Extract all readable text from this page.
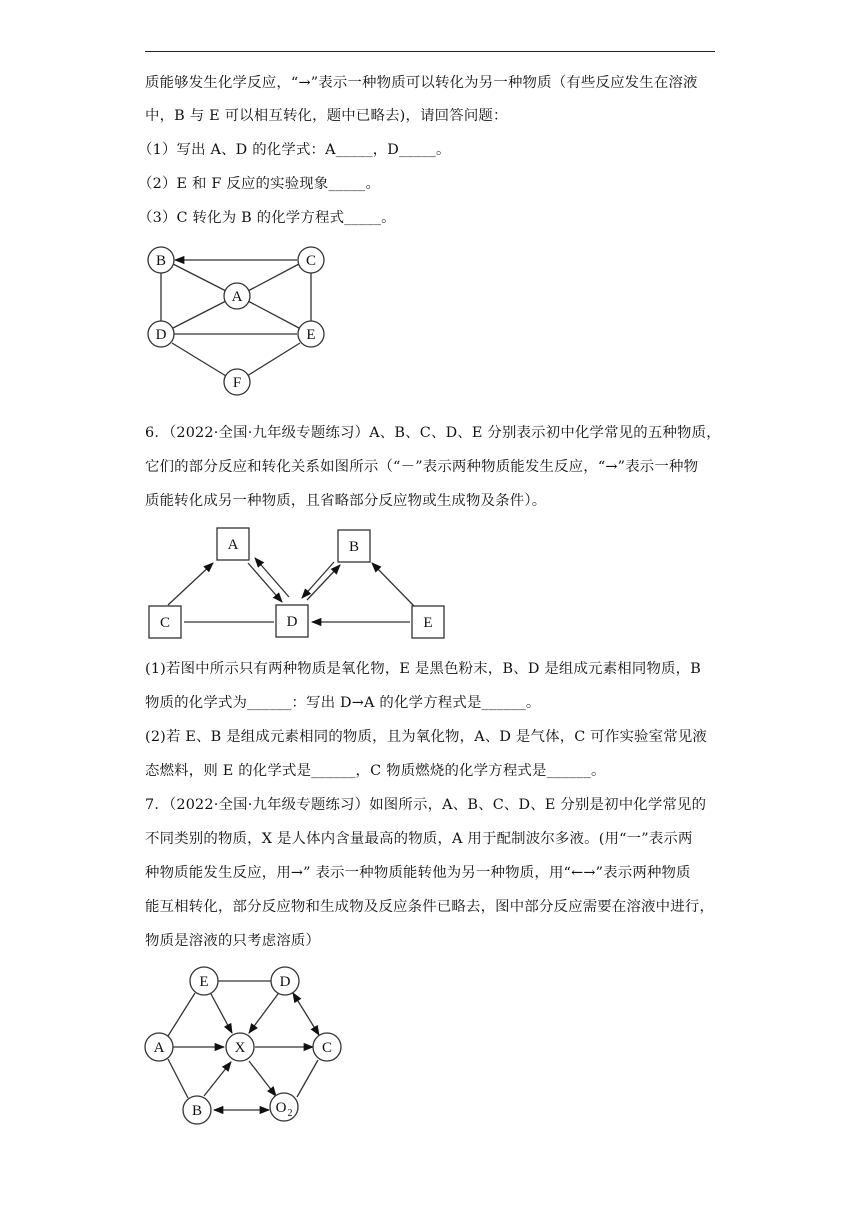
质能够发生化学反应，“→”表示一种物质可以转化为另一种物质（有些反应发生在溶液
中，B 与 E 可以相互转化，题中已略去)，请回答问题：
（1）写出 A、D 的化学式：A_____，D_____。
（2）E 和 F 反应的实验现象_____。
（3）C 转化为 B 的化学方程式_____。
B	C
A
D	E
F
6．（2022·全国·九年级专题练习）A、B、C、D、E 分别表示初中化学常见的五种物质，
它们的部分反应和转化关系如图所示（“－”表示两种物质能发生反应，“→”表示一种物
质能转化成另一种物质，且省略部分反应物或生成物及条件）。
A	B
C	D	E
(1)若图中所示只有两种物质是氧化物，E 是黑色粉末，B、D 是组成元素相同物质，B
物质的化学式为______：写出 D→A 的化学方程式是______。
(2)若 E、B 是组成元素相同的物质，且为氧化物，A、D 是气体，C 可作实验室常见液
态燃料，则 E 的化学式是______，C 物质燃烧的化学方程式是______。
7．（2022·全国·九年级专题练习）如图所示，A、B、C、D、E 分别是初中化学常见的
不同类别的物质，X 是人体内含量最高的物质，A 用于配制波尔多液。(用“一”表示两
种物质能发生反应，用→” 表示一种物质能转他为另一种物质，用“←→”表示两种物质
能互相转化，部分反应物和生成物及反应条件已略去，图中部分反应需要在溶液中进行，
物质是溶液的只考虑溶质）
E	D
A	X	C
B	O 2
